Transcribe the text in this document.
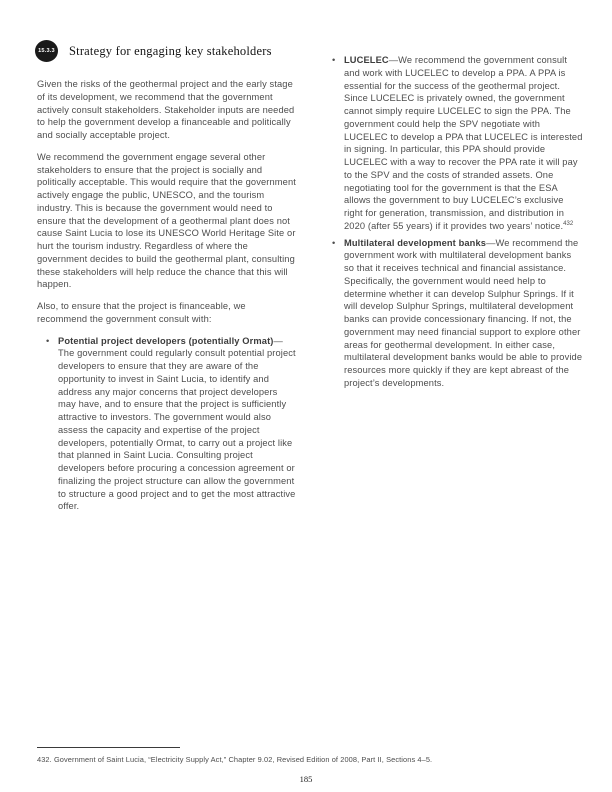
15.3.3 Strategy for engaging key stakeholders

Given the risks of the geothermal project and the early stage of its development, we recommend that the government actively consult stakeholders. Stakeholder inputs are needed to help the government develop a financeable and politically and socially acceptable project.

We recommend the government engage several other stakeholders to ensure that the project is socially and politically acceptable. This would require that the government actively engage the public, UNESCO, and the tourism industry. This is because the government would need to ensure that the development of a geothermal plant does not cause Saint Lucia to lose its UNESCO World Heritage Site or hurt the tourism industry. Regardless of where the government decides to build the geothermal plant, consulting these stakeholders will help reduce the chance that this will happen.

Also, to ensure that the project is financeable, we recommend the government consult with:

• Potential project developers (potentially Ormat)—The government could regularly consult potential project developers to ensure that they are aware of the opportunity to invest in Saint Lucia, to identify and address any major concerns that project developers may have, and to ensure that the project is sufficiently attractive to investors. The government would also assess the capacity and expertise of the project developers, potentially Ormat, to carry out a project like that planned in Saint Lucia. Consulting project developers before procuring a concession agreement or finalizing the project structure can allow the government to structure a good project and to get the most attractive offer.
• LUCELEC—We recommend the government consult and work with LUCELEC to develop a PPA. A PPA is essential for the success of the geothermal project. Since LUCELEC is privately owned, the government cannot simply require LUCELEC to sign the PPA. The government could help the SPV negotiate with LUCELEC to develop a PPA that LUCELEC is interested in signing. In particular, this PPA should provide LUCELEC with a way to recover the PPA rate it will pay to the SPV and the costs of stranded assets. One negotiating tool for the government is that the ESA allows the government to buy LUCELEC’s exclusive right for generation, transmission, and distribution in 2020 (after 55 years) if it provides two years’ notice.$^{432}$
• Multilateral development banks—We recommend the government work with multilateral development banks so that it receives technical and financial assistance. Specifically, the government would need help to determine whether it can develop Sulphur Springs. If it will develop Sulphur Springs, multilateral development banks can provide concessionary financing. If not, the government may need financial support to explore other areas for geothermal development. In either case, multilateral development banks would be able to provide resources more quickly if they are kept abreast of the project’s developments.
432. Government of Saint Lucia, “Electricity Supply Act,” Chapter 9.02, Revised Edition of 2008, Part II, Sections 4–5.
185
